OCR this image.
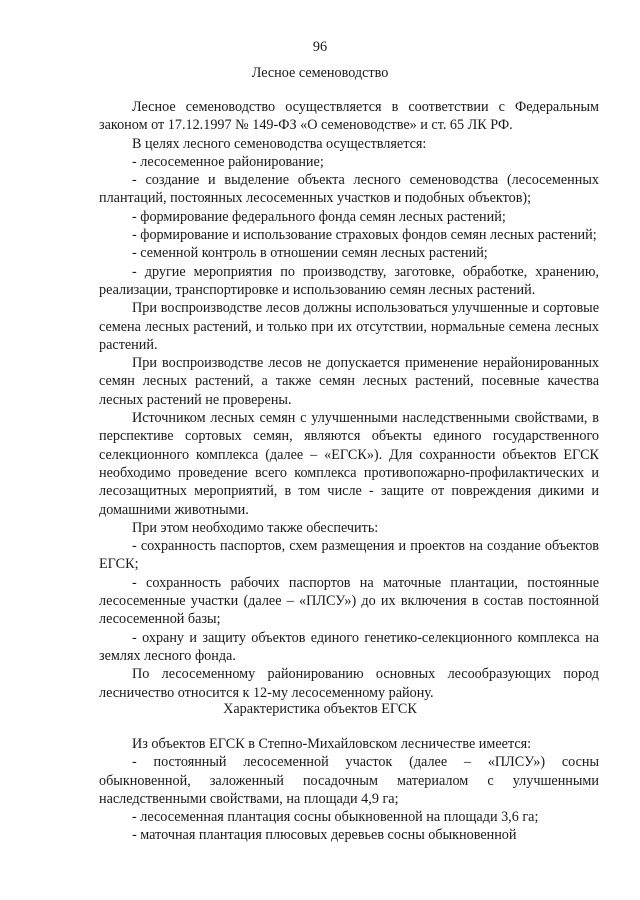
96
Лесное семеноводство

Лесное семеноводство осуществляется в соответствии с Федеральным законом от 17.12.1997 № 149-ФЗ «О семеноводстве» и ст. 65 ЛК РФ.

В целях лесного семеноводства осуществляется:

- лесосеменное районирование;

- создание и выделение объекта лесного семеноводства (лесосеменных плантаций, постоянных лесосеменных участков и подобных объектов);

- формирование федерального фонда семян лесных растений;

- формирование и использование страховых фондов семян лесных растений;

- семенной контроль в отношении семян лесных растений;

- другие мероприятия по производству, заготовке, обработке, хранению, реализации, транспортировке и использованию семян лесных растений.

При воспроизводстве лесов должны использоваться улучшенные и сортовые семена лесных растений, и только при их отсутствии, нормальные семена лесных растений.

При воспроизводстве лесов не допускается применение нерайонированных семян лесных растений, а также семян лесных растений, посевные качества лесных растений не проверены.

Источником лесных семян с улучшенными наследственными свойствами, в перспективе сортовых семян, являются объекты единого государственного селекционного комплекса (далее – «ЕГСК»). Для сохранности объектов ЕГСК необходимо проведение всего комплекса противопожарно-профилактических и лесозащитных мероприятий, в том числе - защите от повреждения дикими и домашними животными.

При этом необходимо также обеспечить:

- сохранность паспортов, схем размещения и проектов на создание объектов ЕГСК;

- сохранность рабочих паспортов на маточные плантации, постоянные лесосеменные участки (далее – «ПЛСУ») до их включения в состав постоянной лесосеменной базы;

- охрану и защиту объектов единого генетико-селекционного комплекса на землях лесного фонда.

По лесосеменному районированию основных лесообразующих пород лесничество относится к 12-му лесосеменному району.

Характеристика объектов ЕГСК

Из объектов ЕГСК в Степно-Михайловском лесничестве имеется:

- постоянный лесосеменной участок (далее – «ПЛСУ») сосны обыкновенной, заложенный посадочным материалом с улучшенными наследственными свойствами, на площади 4,9 га;

- лесосеменная плантация сосны обыкновенной на площади 3,6 га;

- маточная плантация плюсовых деревьев сосны обыкновенной
